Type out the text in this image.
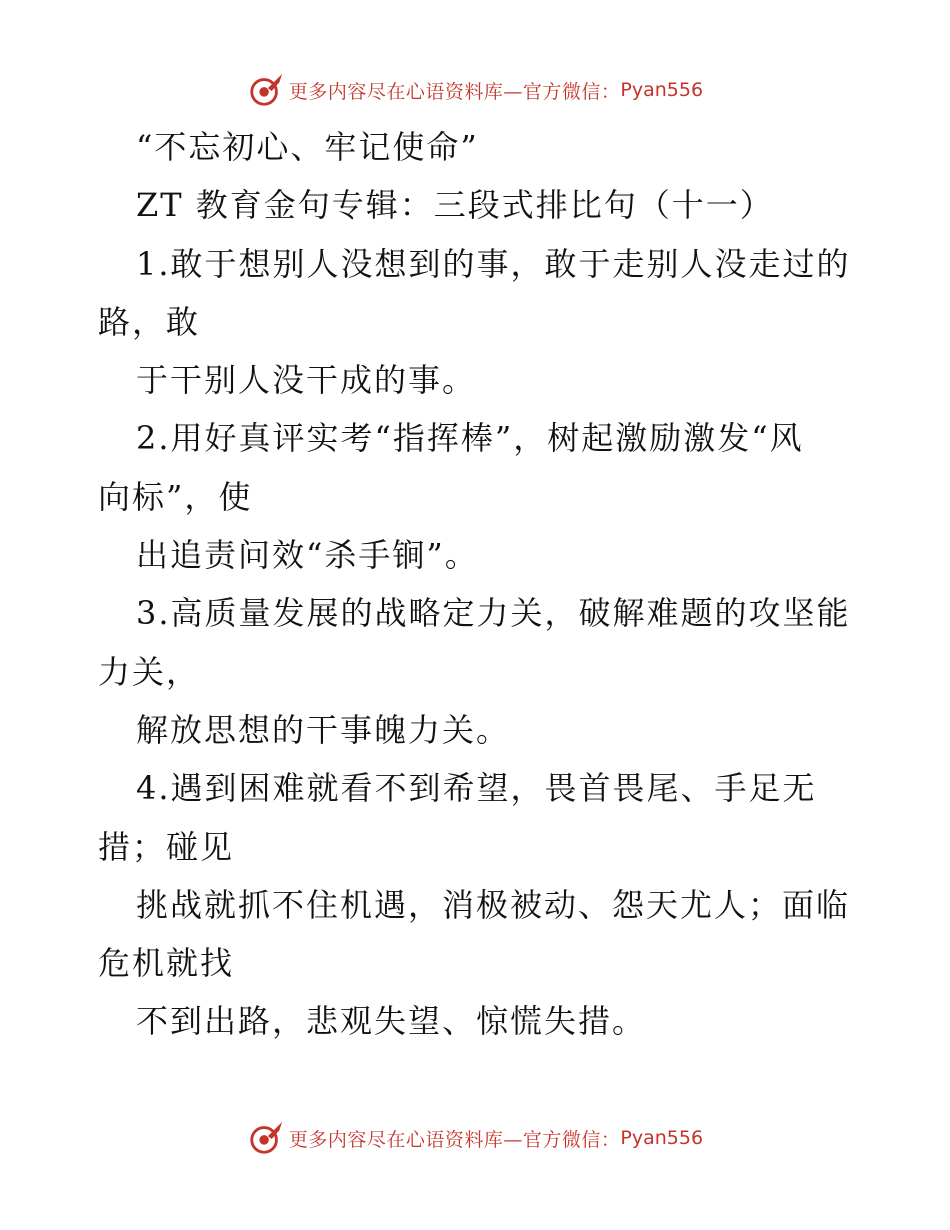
更多内容尽在心语资料库—官方微信： Pyan556
“不忘初心、牢记使命”
ZT 教育金句专辑：三段式排比句（十一）
1.敢于想别人没想到的事，敢于走别人没走过的
路，敢
于干别人没干成的事。
2.用好真评实考“指挥棒”，树起激励激发“风
向标”，使
出追责问效“杀手锏”。
3.高质量发展的战略定力关，破解难题的攻坚能
力关，
解放思想的干事魄力关。
4.遇到困难就看不到希望，畏首畏尾、手足无
措；碰见
挑战就抓不住机遇，消极被动、怨天尤人；面临
危机就找
不到出路，悲观失望、惊慌失措。
更多内容尽在心语资料库—官方微信： Pyan556
